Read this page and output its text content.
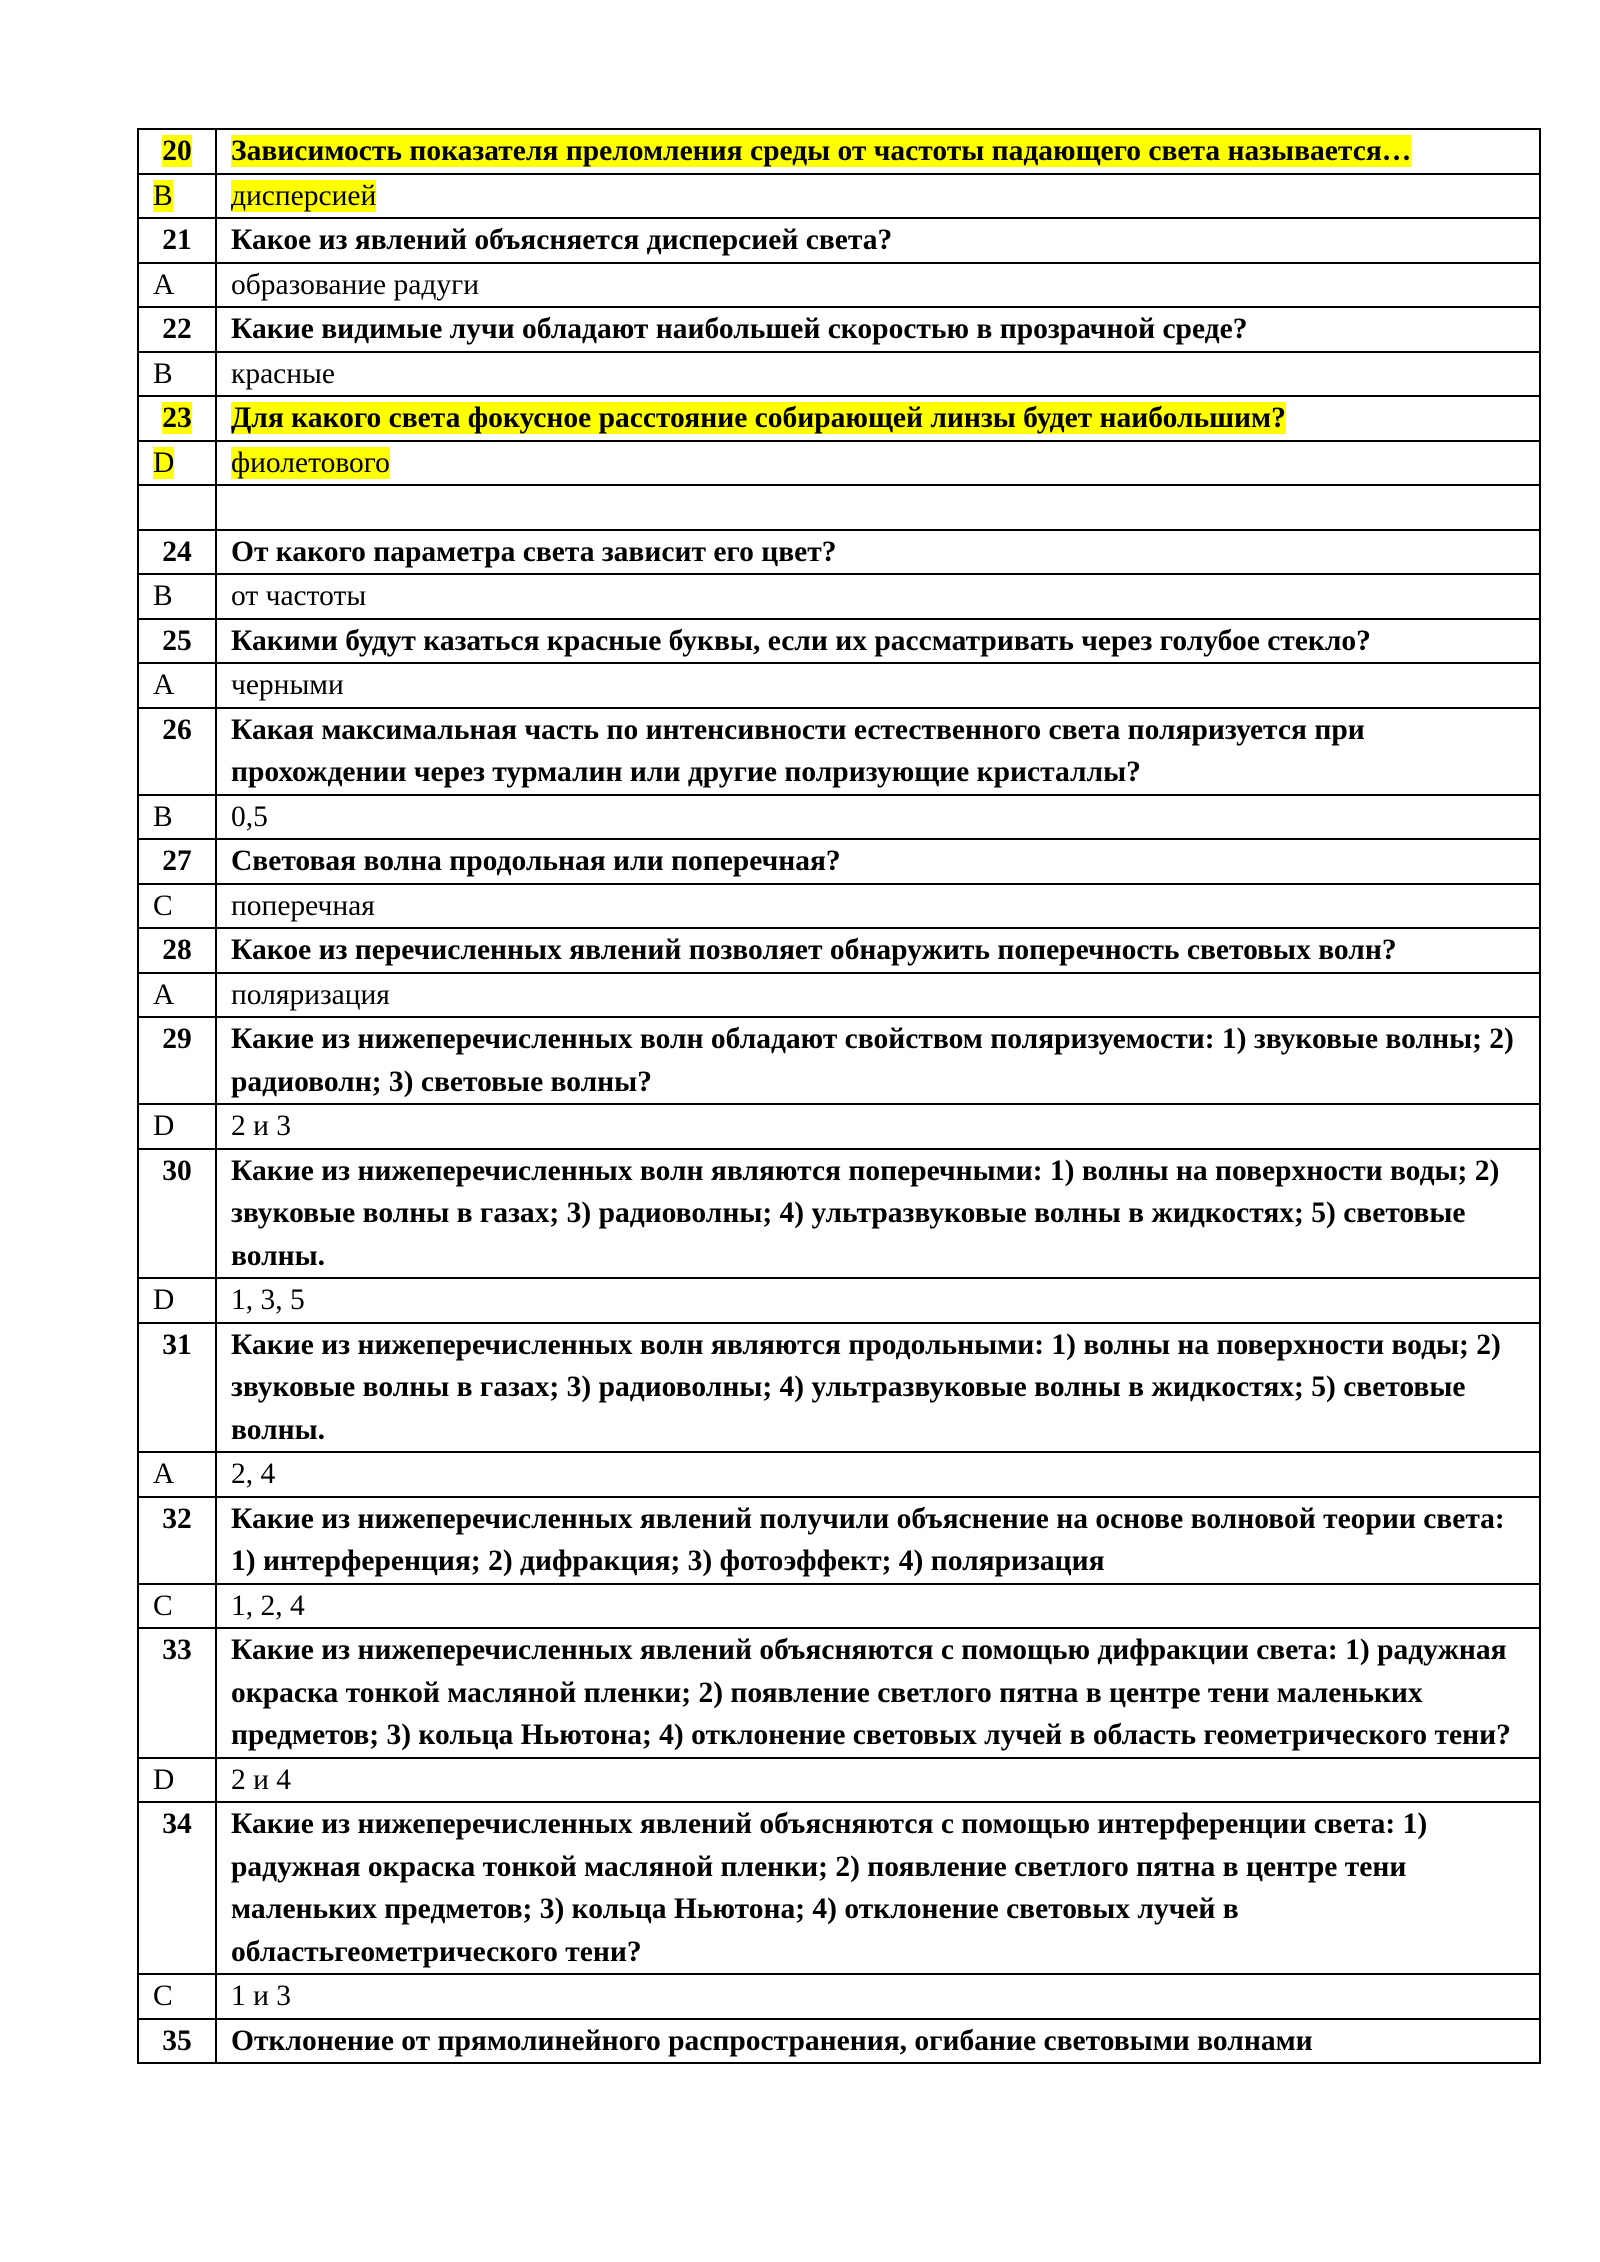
20	Зависимость показателя преломления среды от частоты падающего света называется…
B	дисперсией
21	Какое из явлений объясняется дисперсией света?
A	образование радуги
22	Какие видимые лучи обладают наибольшей скоростью в прозрачной среде?
B	красные
23	Для какого света фокусное расстояние собирающей линзы будет наибольшим?
D	фиолетового

24	От какого параметра света зависит его цвет?
B	от частоты
25	Какими будут казаться красные буквы, если их рассматривать через голубое стекло?
A	черными
26	Какая максимальная часть по интенсивности естественного света поляризуется при прохождении через турмалин или другие полризующие кристаллы?
B	0,5
27	Световая волна продольная или поперечная?
C	поперечная
28	Какое из перечисленных явлений позволяет обнаружить поперечность световых волн?
A	поляризация
29	Какие из нижеперечисленных волн обладают свойством поляризуемости: 1) звуковые волны; 2) радиоволн; 3) световые волны?
D	2 и 3
30	Какие из нижеперечисленных волн являются поперечными: 1) волны на поверхности воды; 2) звуковые волны в газах; 3) радиоволны; 4) ультразвуковые волны в жидкостях; 5) световые волны.
D	1, 3, 5
31	Какие из нижеперечисленных волн являются продольными: 1) волны на поверхности воды; 2) звуковые волны в газах; 3) радиоволны; 4) ультразвуковые волны в жидкостях; 5) световые волны.
A	2, 4
32	Какие из нижеперечисленных явлений получили объяснение на основе волновой теории света: 1) интерференция; 2) дифракция; 3) фотоэффект; 4) поляризация
C	1, 2, 4
33	Какие из нижеперечисленных явлений объясняются с помощью дифракции света: 1) радужная окраска тонкой масляной пленки; 2) появление светлого пятна в центре тени маленьких предметов; 3) кольца Ньютона; 4) отклонение световых лучей в область геометрического тени?
D	2 и 4
34	Какие из нижеперечисленных явлений объясняются с помощью интерференции света: 1) радужная окраска тонкой масляной пленки; 2) появление светлого пятна в центре тени маленьких предметов; 3) кольца Ньютона; 4) отклонение световых лучей в областьгеометрического тени?
C	1 и 3
35	Отклонение от прямолинейного распространения, огибание световыми волнами
